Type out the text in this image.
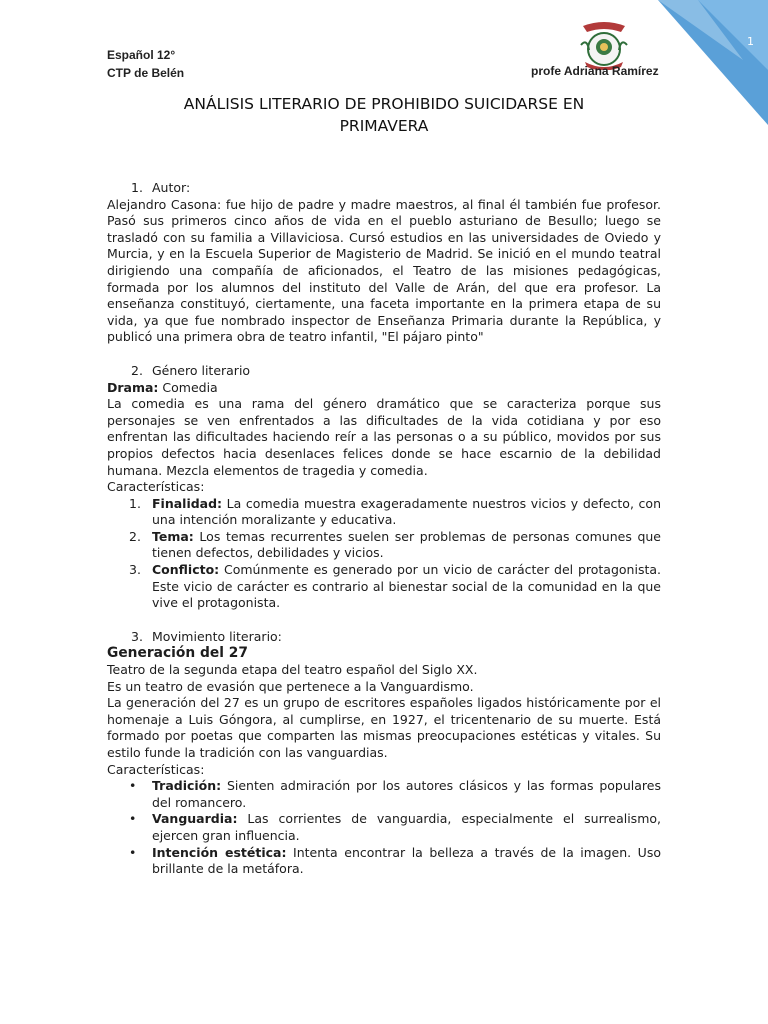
1
Español 12°
CTP de Belén	profe Adriana Ramírez
ANÁLISIS LITERARIO DE PROHIBIDO SUICIDARSE EN
PRIMAVERA

1. Autor:

Alejandro Casona: fue hijo de padre y madre maestros, al final él también fue profesor. Pasó sus primeros cinco años de vida en el pueblo asturiano de Besullo; luego se trasladó con su familia a Villaviciosa. Cursó estudios en las universidades de Oviedo y Murcia, y en la Escuela Superior de Magisterio de Madrid. Se inició en el mundo teatral dirigiendo una compañía de aficionados, el Teatro de las misiones pedagógicas, formada por los alumnos del instituto del Valle de Arán, del que era profesor. La enseñanza constituyó, ciertamente, una faceta importante en la primera etapa de su vida, ya que fue nombrado inspector de Enseñanza Primaria durante la República, y publicó una primera obra de teatro infantil, "El pájaro pinto"

2. Género literario

Drama: Comedia

La comedia es una rama del género dramático que se caracteriza porque sus personajes se ven enfrentados a las dificultades de la vida cotidiana y por eso enfrentan las dificultades haciendo reír a las personas o a su público, movidos por sus propios defectos hacia desenlaces felices donde se hace escarnio de la debilidad humana. Mezcla elementos de tragedia y comedia.

Características:

1. Finalidad: La comedia muestra exageradamente nuestros vicios y defecto, con una intención moralizante y educativa.
2. Tema: Los temas recurrentes suelen ser problemas de personas comunes que tienen defectos, debilidades y vicios.
3. Conflicto: Comúnmente es generado por un vicio de carácter del protagonista. Este vicio de carácter es contrario al bienestar social de la comunidad en la que vive el protagonista.

3. Movimiento literario:

Generación del 27

Teatro de la segunda etapa del teatro español del Siglo XX.

Es un teatro de evasión que pertenece a la Vanguardismo.

La generación del 27 es un grupo de escritores españoles ligados históricamente por el homenaje a Luis Góngora, al cumplirse, en 1927, el tricentenario de su muerte. Está formado por poetas que comparten las mismas preocupaciones estéticas y vitales. Su estilo funde la tradición con las vanguardias.

Características:

• Tradición: Sienten admiración por los autores clásicos y las formas populares del romancero.
• Vanguardia: Las corrientes de vanguardia, especialmente el surrealismo, ejercen gran influencia.
• Intención estética: Intenta encontrar la belleza a través de la imagen. Uso brillante de la metáfora.
